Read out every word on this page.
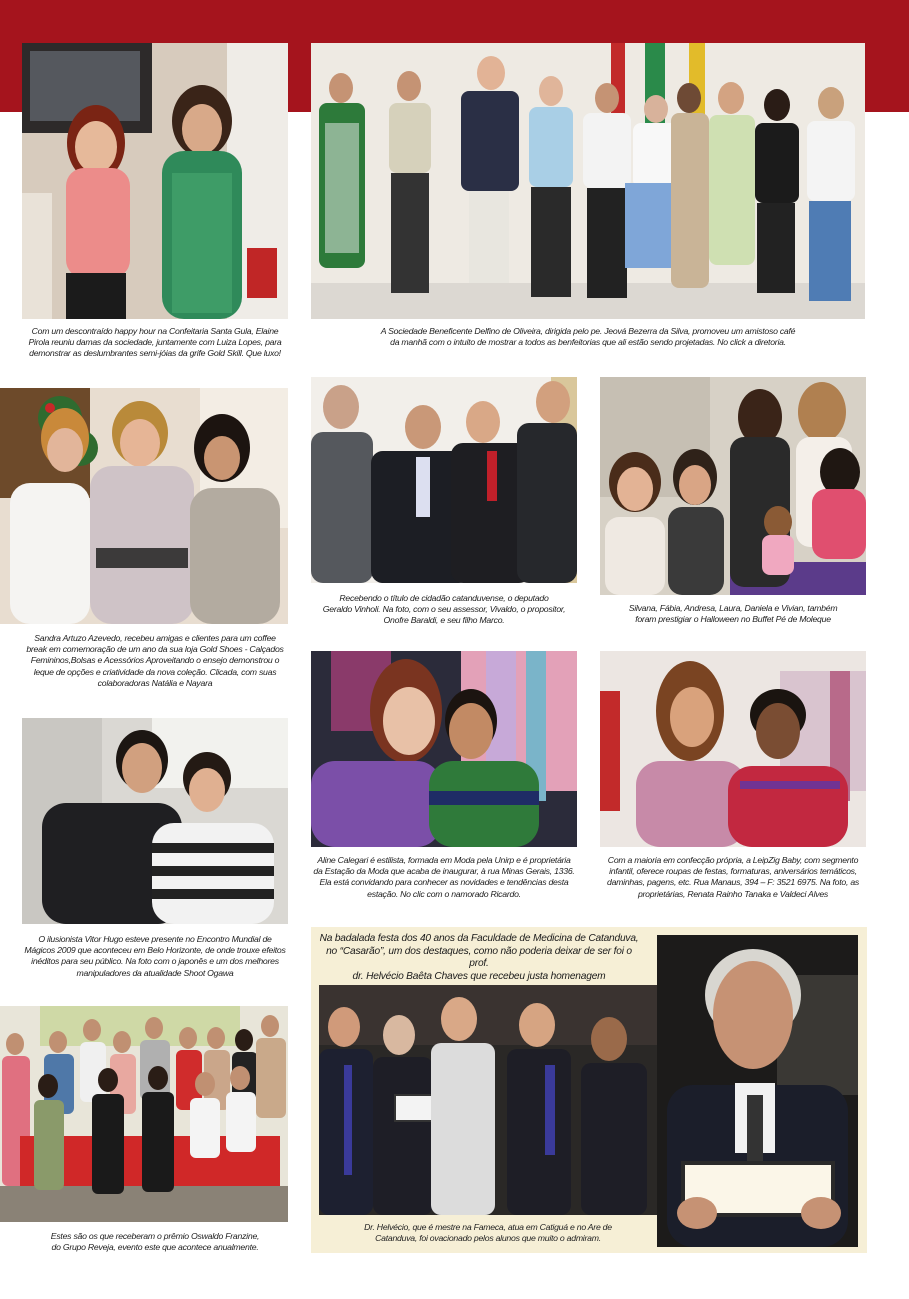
Com um descontraído happy hour na Confeitaria Santa Gula, Elaine
Pirola reuniu damas da sociedade, juntamente com Luiza Lopes, para
demonstrar as deslumbrantes semi-jóias da grife Gold Skill. Que luxo!
A Sociedade Beneficente Delfino de Oliveira, dirigida pelo pe. Jeová Bezerra da Silva, promoveu um amistoso café
da manhã com o intuito de mostrar a todos as benfeitorias que ali estão sendo projetadas. No click a diretoria.
Sandra Artuzo Azevedo, recebeu amigas e clientes para um coffee
break em comemoração de um ano da sua loja Gold Shoes - Calçados
Femininos,Bolsas e Acessórios Aproveitando o ensejo demonstrou o
leque de opções e criatividade da nova coleção. Clicada, com suas
colaboradoras Natália e Nayara
Recebendo o título de cidadão catanduvense, o deputado
Geraldo Vinholi. Na foto, com o seu assessor, Vivaldo, o propositor,
Onofre Baraldi, e seu filho Marco.
Silvana, Fábia, Andresa, Laura, Daniela e Vivian, também
foram prestigiar o Halloween no Buffet Pé de Moleque
Aline Calegari é estilista, formada em Moda pela Unirp e é proprietária
da Estação da Moda que acaba de inaugurar, à rua Minas Gerais, 1336.
Ela está convidando para conhecer as novidades e tendências desta
estação. No clic com o namorado Ricardo.
Com a maioria em confecção própria, a LeipZig Baby, com segmento
infantil, oferece roupas de festas, formaturas, aniversários temáticos,
daminhas, pagens, etc. Rua Manaus, 394 – F: 3521 6975. Na foto, as
proprietárias, Renata Rainho Tanaka e Valdeci Alves
O ilusionista Vitor Hugo esteve presente no Encontro Mundial de
Mágicos 2009 que aconteceu em Belo Horizonte, de onde trouxe efeitos
inéditos para seu público. Na foto com o japonês e um dos melhores
manipuladores da atualidade Shoot Ogawa
Estes são os que receberam o prêmio Oswaldo Franzine,
do Grupo Reveja, evento este que acontece anualmente.
Na badalada festa dos 40 anos da Faculdade de Medicina de Catanduva,
no “Casarão”, um dos destaques, como não poderia deixar de ser foi o prof.
dr. Helvécio Baêta Chaves que recebeu justa homenagem
Dr. Helvécio, que é mestre na Fameca, atua em Catiguá e no Are de
Catanduva, foi ovacionado pelos alunos que muito o admiram.
